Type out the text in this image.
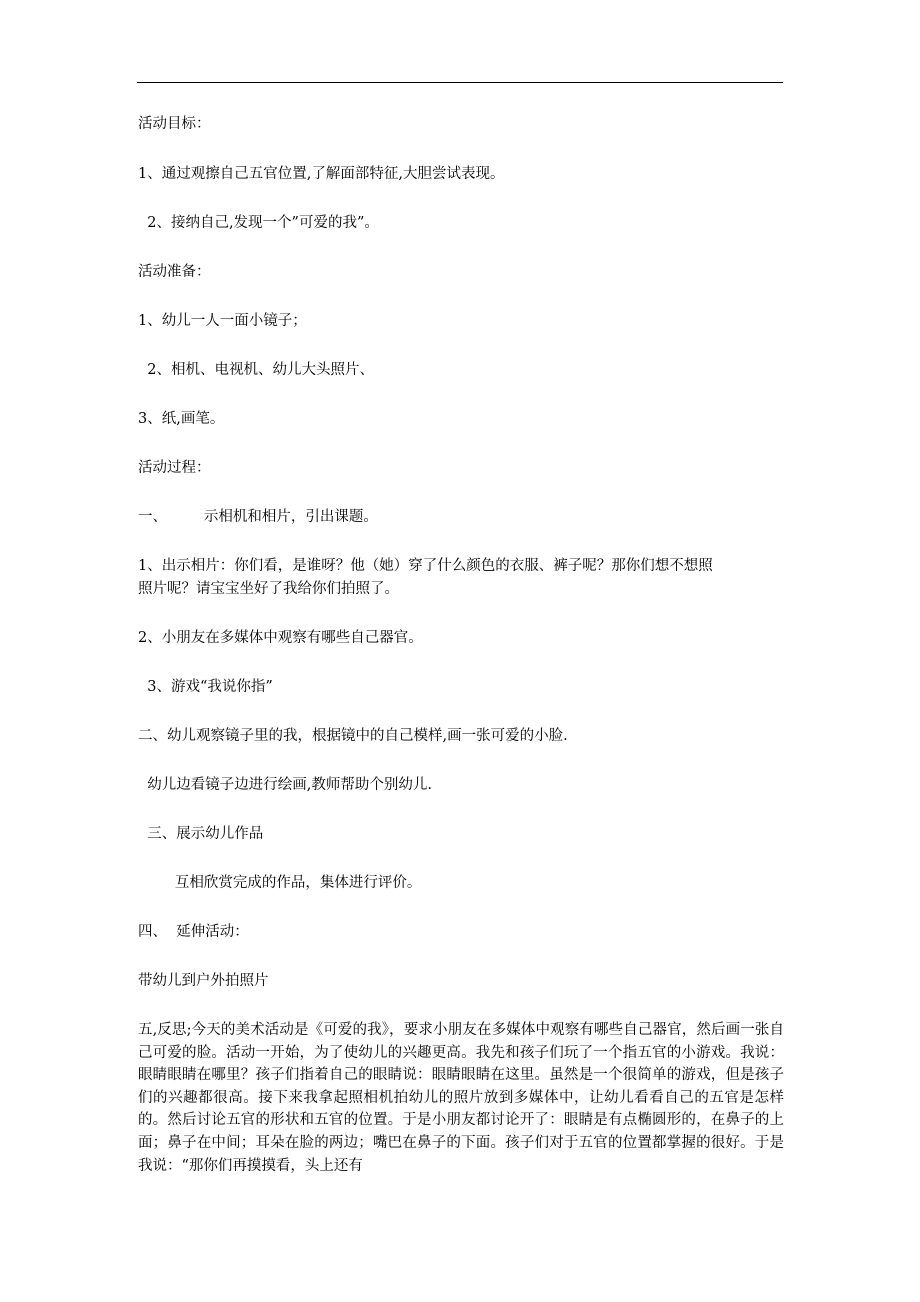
活动目标：
1、通过观擦自己五官位置,了解面部特征,大胆尝试表现。
2、接纳自己,发现一个”可爱的我”。
活动准备：
1、幼儿一人一面小镜子；
2、相机、电视机、幼儿大头照片、
3、纸,画笔。
活动过程：
一、        示相机和相片，引出课题。
1、出示相片：你们看，是谁呀？他（她）穿了什么颜色的衣服、裤子呢？那你们想不想照
照片呢？请宝宝坐好了我给你们拍照了。
2、小朋友在多媒体中观察有哪些自己器官。
3、游戏“我说你指”
二、幼儿观察镜子里的我，根据镜中的自己模样,画一张可爱的小脸.
幼儿边看镜子边进行绘画,教师帮助个别幼儿.
三、展示幼儿作品
互相欣赏完成的作品，集体进行评价。
四、  延伸活动：
带幼儿到户外拍照片
五,反思;今天的美术活动是《可爱的我》，要求小朋友在多媒体中观察有哪些自己器官，然后画一张自己可爱的脸。活动一开始，为了使幼儿的兴趣更高。我先和孩子们玩了一个指五官的小游戏。我说：眼睛眼睛在哪里？孩子们指着自己的眼睛说：眼睛眼睛在这里。虽然是一个很简单的游戏，但是孩子们的兴趣都很高。接下来我拿起照相机拍幼儿的照片放到多媒体中，让幼儿看看自己的五官是怎样的。然后讨论五官的形状和五官的位置。于是小朋友都讨论开了：眼睛是有点椭圆形的，在鼻子的上面；鼻子在中间；耳朵在脸的两边；嘴巴在鼻子的下面。孩子们对于五官的位置都掌握的很好。于是我说：“那你们再摸摸看，头上还有
